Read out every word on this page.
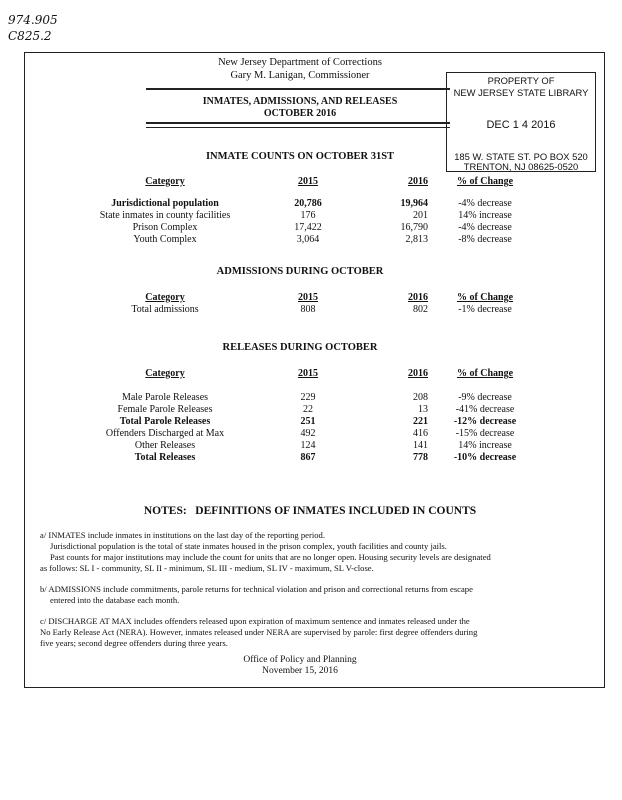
974.905
C825.2
New Jersey Department of Corrections
Gary M. Lanigan, Commissioner
INMATES, ADMISSIONS, AND RELEASES
OCTOBER 2016
PROPERTY OF
NEW JERSEY STATE LIBRARY
DEC 1 4 2016
185 W. STATE ST. PO BOX 520
TRENTON, NJ 08625-0520
INMATE COUNTS ON OCTOBER 31ST
Category	2015	2016	% of Change
Jurisdictional population	20,786	19,964	-4% decrease
State inmates in county facilities	176	201	14% increase
Prison Complex	17,422	16,790	-4% decrease
Youth Complex	3,064	2,813	-8% decrease
ADMISSIONS DURING OCTOBER
Category	2015	2016	% of Change
Total admissions	808	802	-1% decrease
RELEASES DURING OCTOBER
Category	2015	2016	% of Change
Male Parole Releases	229	208	-9% decrease
Female Parole Releases	22	13	-41% decrease
Total Parole Releases	251	221	-12% decrease
Offenders Discharged at Max	492	416	-15% decrease
Other Releases	124	141	14% increase
Total Releases	867	778	-10% decrease
NOTES:   DEFINITIONS OF INMATES INCLUDED IN COUNTS

a/ INMATES include inmates in institutions on the last day of the reporting period.

Jurisdictional population is the total of state inmates housed in the prison complex, youth facilities and county jails.

Past counts for major institutions may include the count for units that are no longer open. Housing security levels are designated

as follows: SL I - community, SL II - minimum, SL III - medium, SL IV - maximum, SL V-close.

b/ ADMISSIONS include commitments, parole returns for technical violation and prison and correctional returns from escape

entered into the database each month.

c/ DISCHARGE AT MAX includes offenders released upon expiration of maximum sentence and inmates released under the

No Early Release Act (NERA). However, inmates released under NERA are supervised by parole: first degree offenders during

five years; second degree offenders during three years.

Office of Policy and Planning
November 15, 2016
